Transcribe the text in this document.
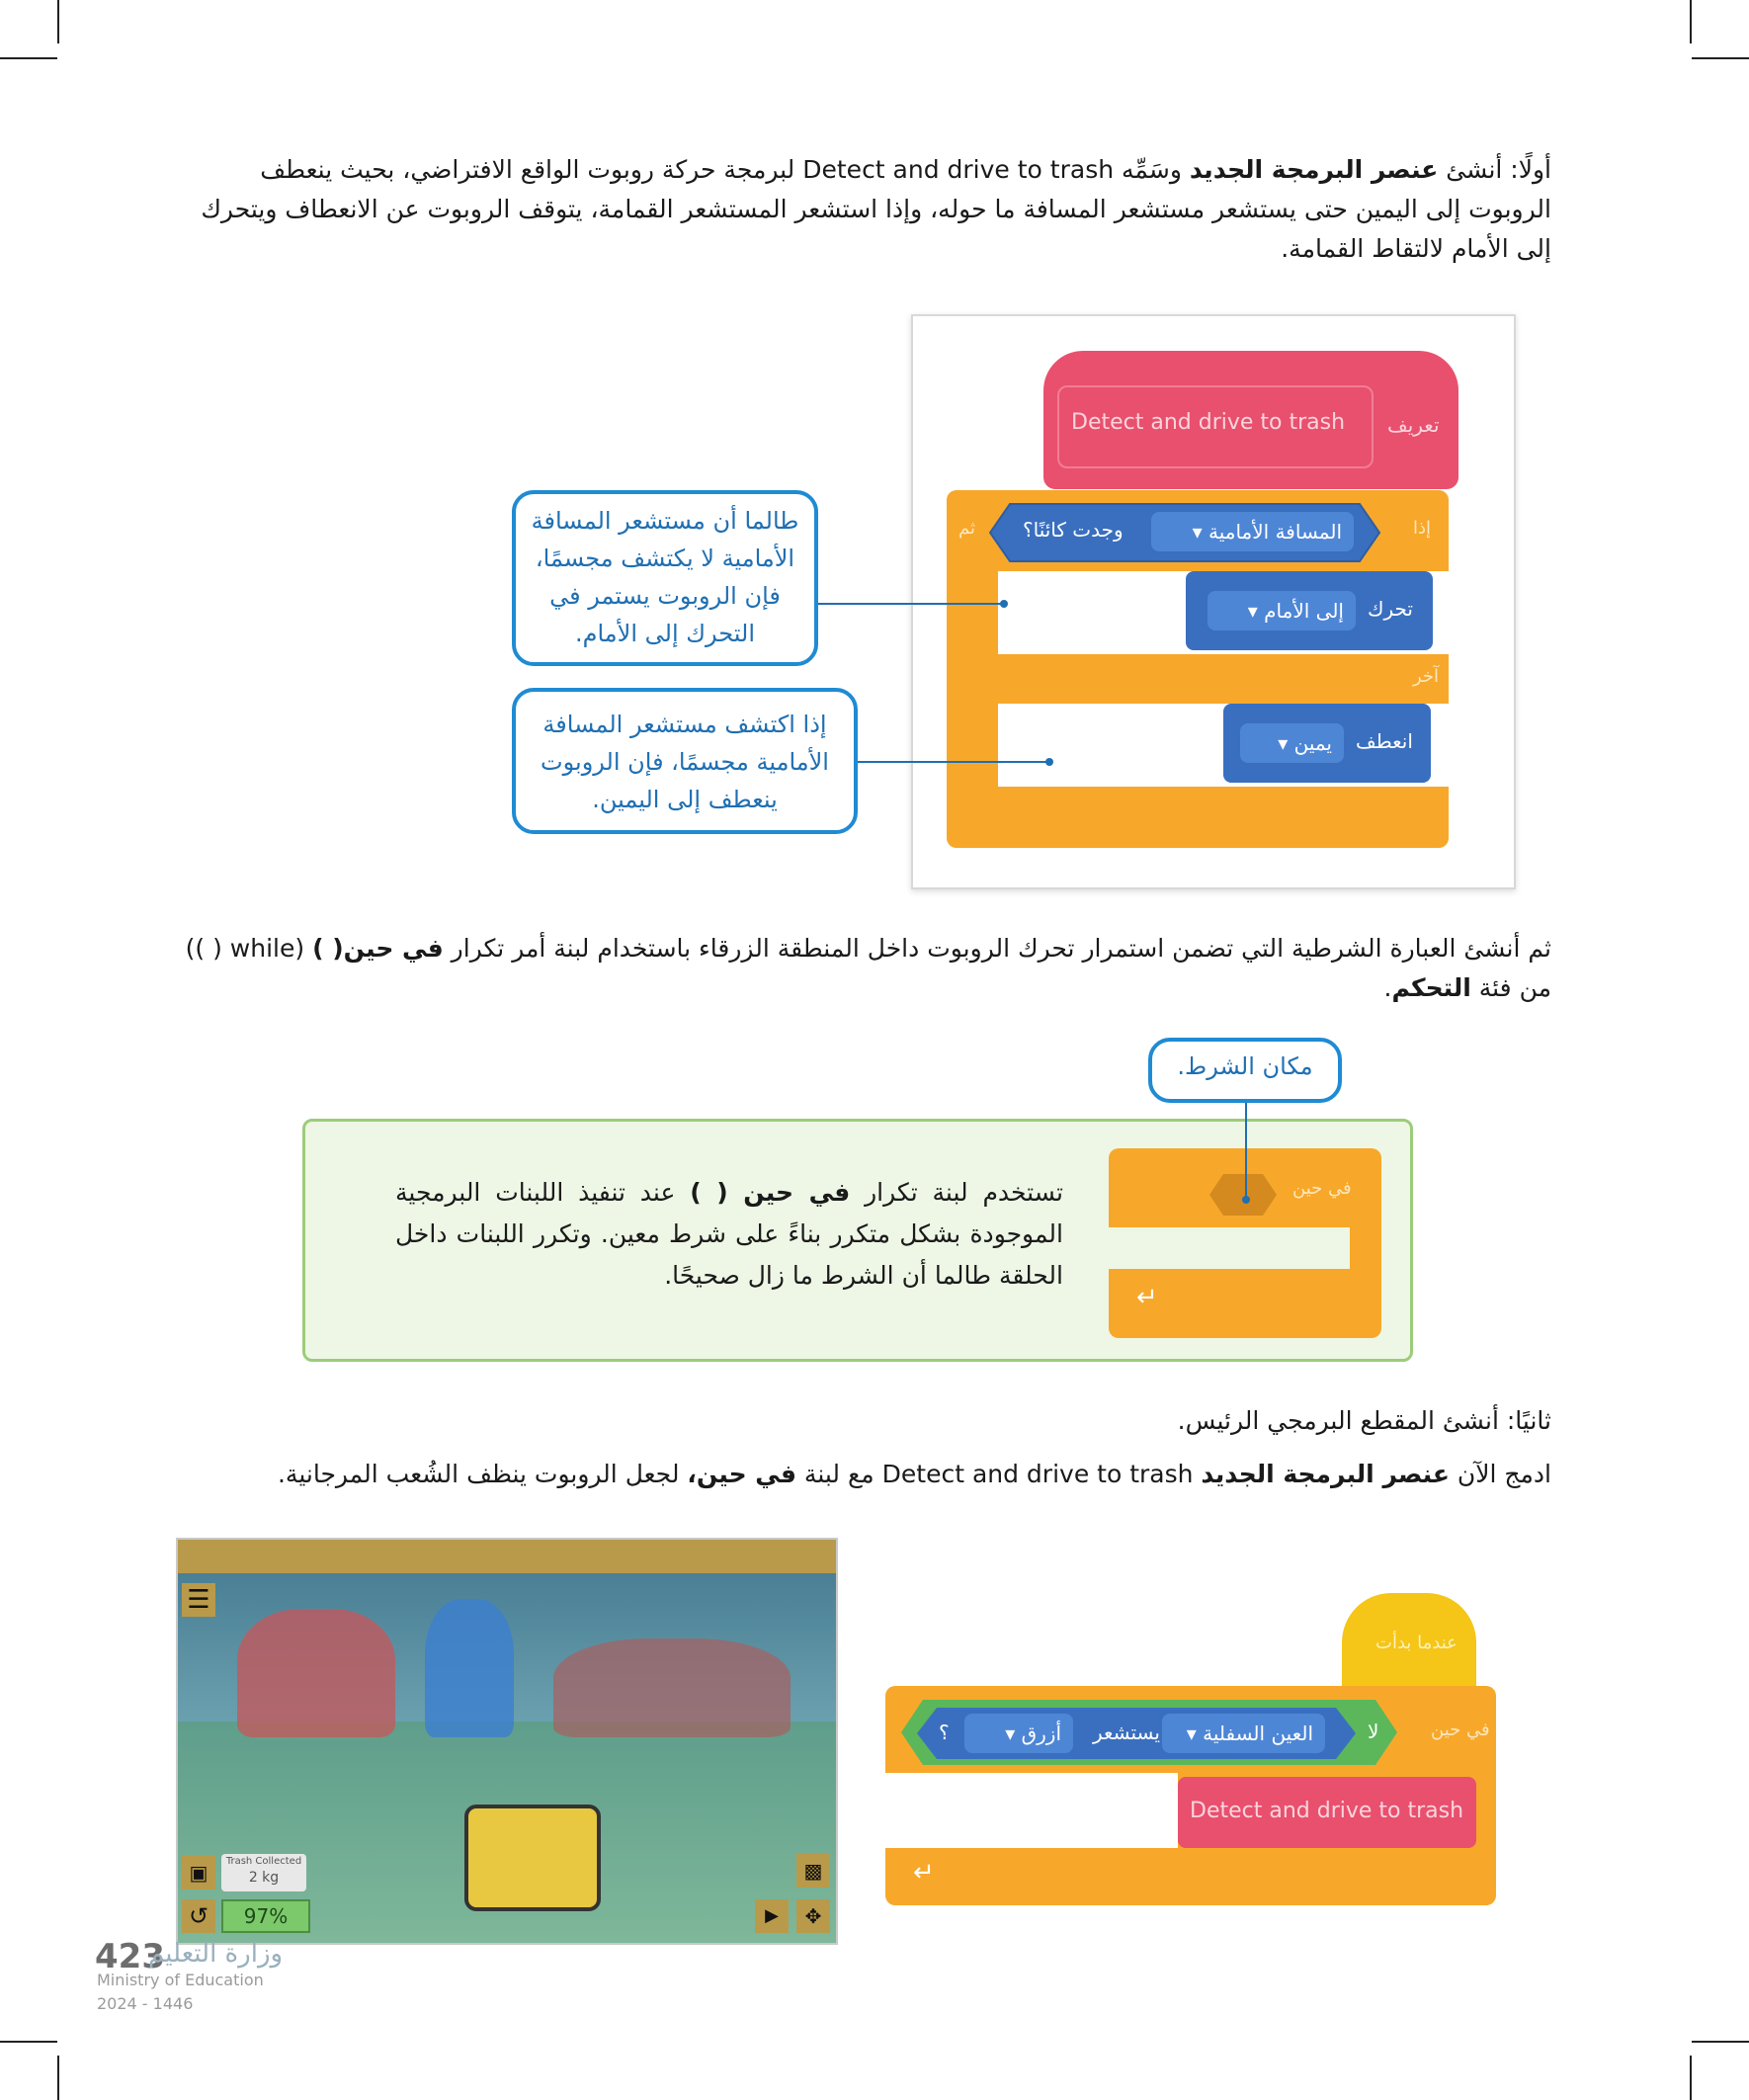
أولًا: أنشئ عنصر البرمجة الجديد وسَمِّه Detect and drive to trash لبرمجة حركة روبوت الواقع الافتراضي، بحيث ينعطف الروبوت إلى اليمين حتى يستشعر مستشعر المسافة ما حوله، وإذا استشعر المستشعر القمامة، يتوقف الروبوت عن الانعطاف ويتحرك إلى الأمام لالتقاط القمامة.
Detect and drive to trash تعريف
إذا
ثم
آخر
المسافة الأمامية ▾
وجدت كائنًا؟
تحرك
إلى الأمام ▾
انعطف
يمين ▾
طالما أن مستشعر المسافة الأمامية لا يكتشف مجسمًا، فإن الروبوت يستمر في التحرك إلى الأمام.
إذا اكتشف مستشعر المسافة الأمامية مجسمًا، فإن الروبوت ينعطف إلى اليمين.
ثم أنشئ العبارة الشرطية التي تضمن استمرار تحرك الروبوت داخل المنطقة الزرقاء باستخدام لبنة أمر تكرار في حين( ) (while ( )) من فئة التحكم.
في حين
↵
تستخدم لبنة تكرار في حين ( ) عند تنفيذ اللبنات البرمجية الموجودة بشكل متكرر بناءً على شرط معين. وتكرر اللبنات داخل الحلقة طالما أن الشرط ما زال صحيحًا.
مكان الشرط.
ثانيًا: أنشئ المقطع البرمجي الرئيس.
ادمج الآن عنصر البرمجة الجديد Detect and drive to trash مع لبنة في حين، لجعل الروبوت ينظف الشُعب المرجانية.
عندما بدأت
في حين
لا
العين السفلية ▾
يستشعر
أزرق ▾
؟
Detect and drive to trash
↵
☰
▣
↺
Trash Collected
2 kg
97%
▩
▶	✥
423
وزارة التعليم
Ministry of Education
2024 - 1446
